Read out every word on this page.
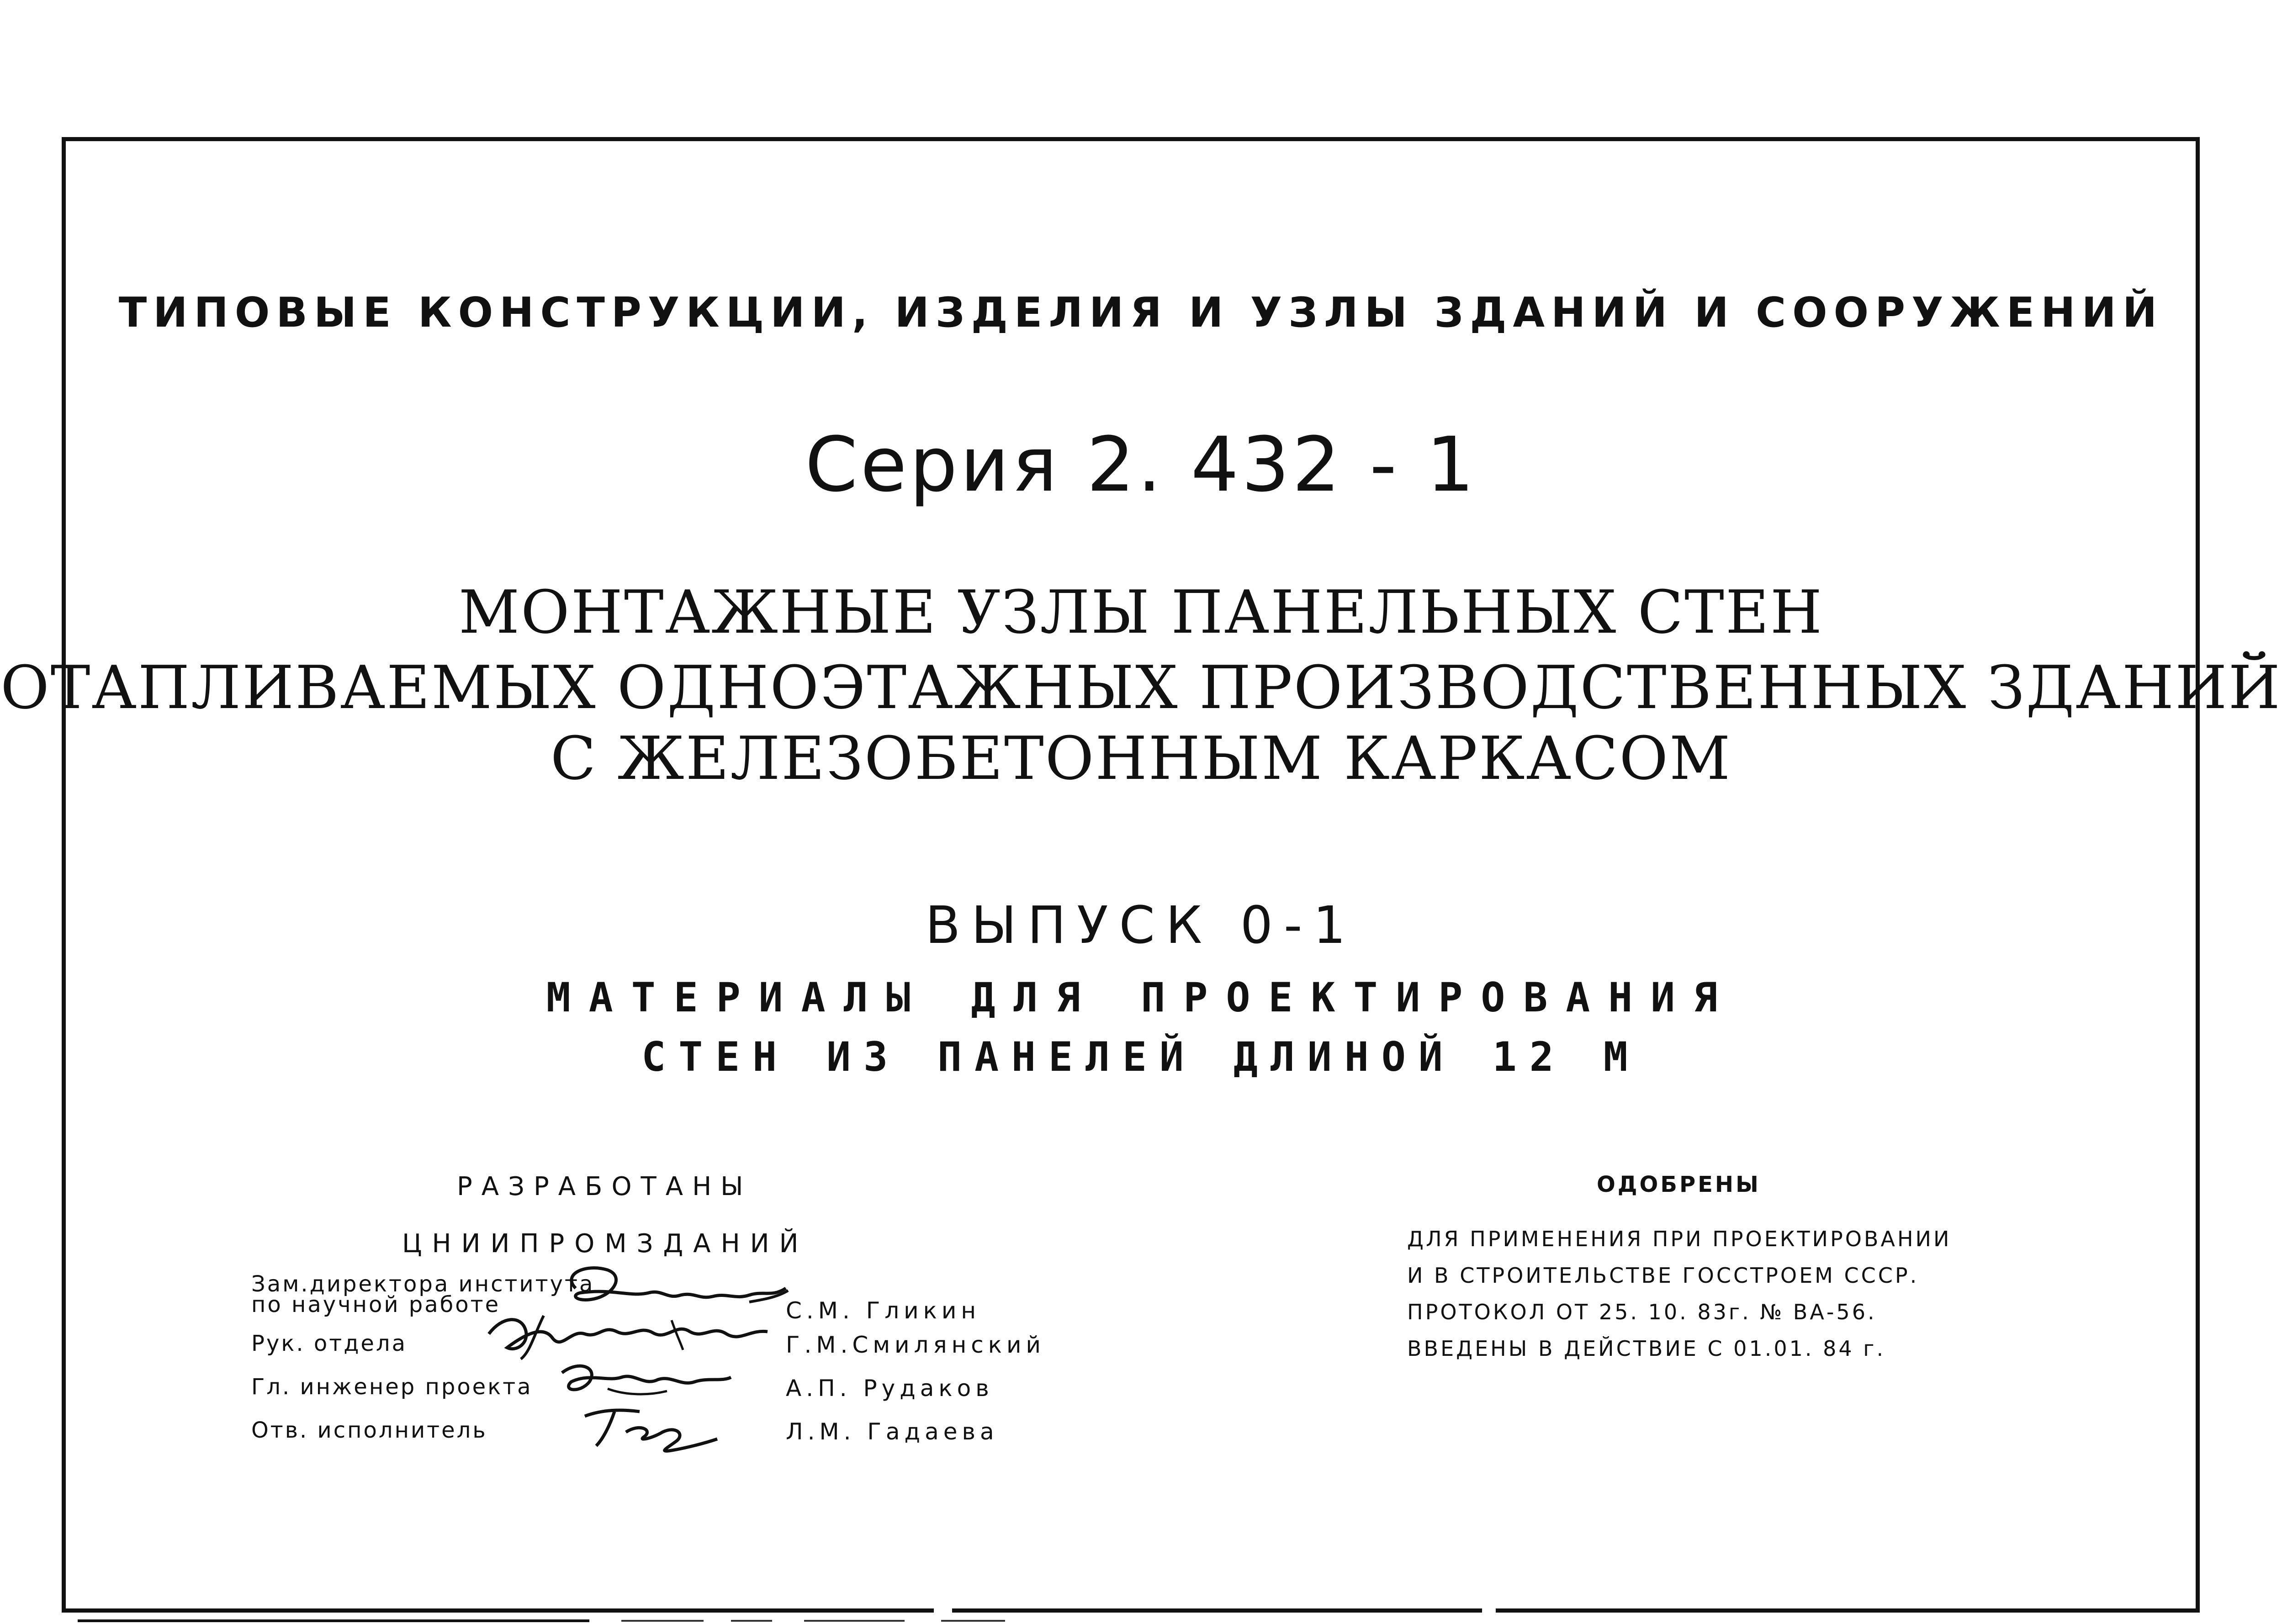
ТИПОВЫЕ КОНСТРУКЦИИ, ИЗДЕЛИЯ И УЗЛЫ ЗДАНИЙ И СООРУЖЕНИЙ
Серия 2. 432 - 1
МОНТАЖНЫЕ УЗЛЫ ПАНЕЛЬНЫХ СТЕН
ОТАПЛИВАЕМЫХ ОДНОЭТАЖНЫХ ПРОИЗВОДСТВЕННЫХ ЗДАНИЙ
С ЖЕЛЕЗОБЕТОННЫМ КАРКАСОМ
ВЫПУСК 0-1
МАТЕРИАЛЫ ДЛЯ ПРОЕКТИРОВАНИЯ
СТЕН ИЗ ПАНЕЛЕЙ ДЛИНОЙ 12 М
РАЗРАБОТАНЫ
ЦНИИПРОМЗДАНИЙ
Зам.директора института
по научной работе	С.М. Гликин
Рук. отдела	Г.М.Смилянский
Гл. инженер проекта	А.П. Рудаков
Отв. исполнитель	Л.М. Гадаева
ОДОБРЕНЫ
ДЛЯ ПРИМЕНЕНИЯ ПРИ ПРОЕКТИРОВАНИИ
И В СТРОИТЕЛЬСТВЕ ГОССТРОЕМ СССР.
ПРОТОКОЛ ОТ 25. 10. 83г. № ВА-56.
ВВЕДЕНЫ В ДЕЙСТВИЕ С 01.01. 84 г.
